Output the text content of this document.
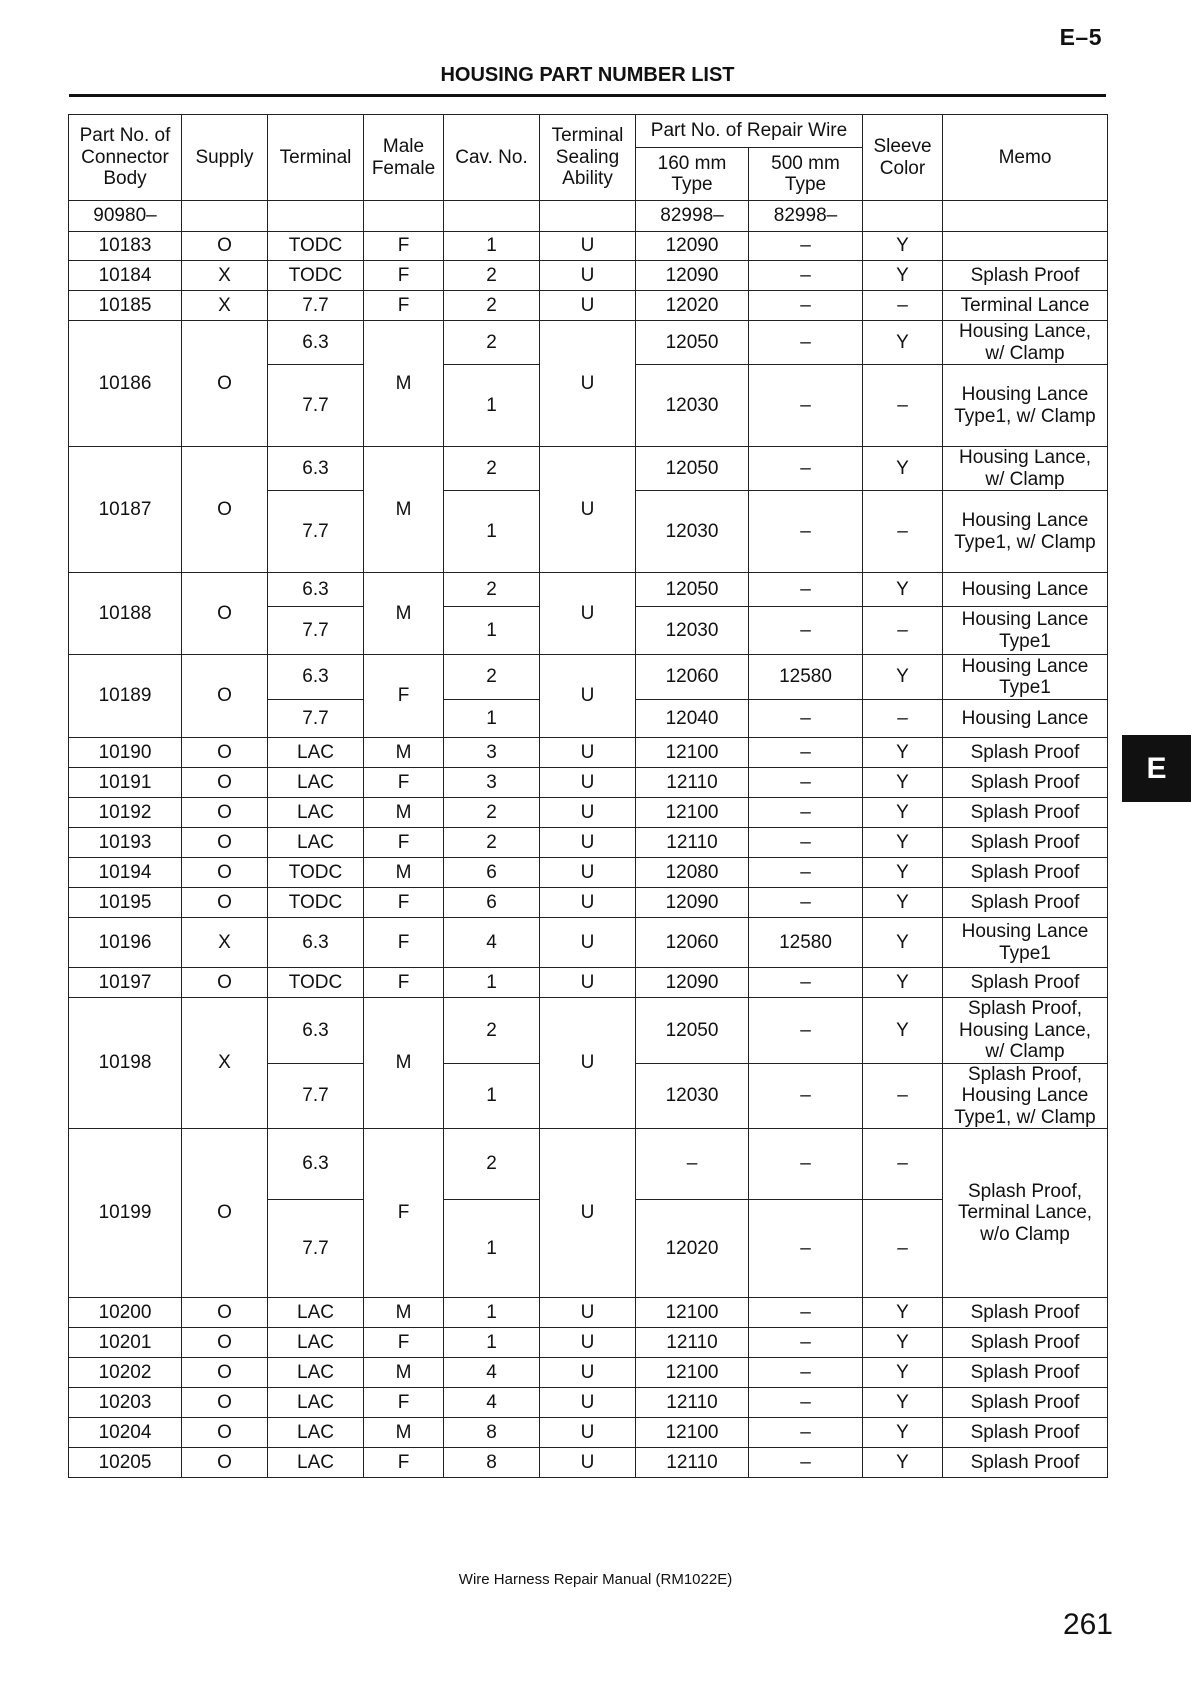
E–5
HOUSING PART NUMBER LIST
Part No. of Connector Body	Supply	Terminal	Male Female	Cav. No.	Terminal Sealing Ability	Part No. of Repair Wire		Sleeve Color	Memo
						160 mm Type	500 mm Type		
90980–						82998–	82998–		
10183	O	TODC	F	1	U	12090	–	Y	
10184	X	TODC	F	2	U	12090	–	Y	Splash Proof
10185	X	7.7	F	2	U	12020	–	–	Terminal Lance
10186	O	6.3	M	2	U	12050	–	Y	Housing Lance, w/ Clamp
		7.7		1		12030	–	–	Housing Lance Type1, w/ Clamp
10187	O	6.3	M	2	U	12050	–	Y	Housing Lance, w/ Clamp
		7.7		1		12030	–	–	Housing Lance Type1, w/ Clamp
10188	O	6.3	M	2	U	12050	–	Y	Housing Lance
		7.7		1		12030	–	–	Housing Lance Type1
10189	O	6.3	F	2	U	12060	12580	Y	Housing Lance Type1
		7.7		1		12040	–	–	Housing Lance
10190	O	LAC	M	3	U	12100	–	Y	Splash Proof
10191	O	LAC	F	3	U	12110	–	Y	Splash Proof
10192	O	LAC	M	2	U	12100	–	Y	Splash Proof
10193	O	LAC	F	2	U	12110	–	Y	Splash Proof
10194	O	TODC	M	6	U	12080	–	Y	Splash Proof
10195	O	TODC	F	6	U	12090	–	Y	Splash Proof
10196	X	6.3	F	4	U	12060	12580	Y	Housing Lance Type1
10197	O	TODC	F	1	U	12090	–	Y	Splash Proof
10198	X	6.3	M	2	U	12050	–	Y	Splash Proof, Housing Lance, w/ Clamp
		7.7		1		12030	–	–	Splash Proof, Housing Lance Type1, w/ Clamp
10199	O	6.3	F	2	U	–	–	–	Splash Proof, Terminal Lance, w/o Clamp
		7.7		1		12020	–	–	
10200	O	LAC	M	1	U	12100	–	Y	Splash Proof
10201	O	LAC	F	1	U	12110	–	Y	Splash Proof
10202	O	LAC	M	4	U	12100	–	Y	Splash Proof
10203	O	LAC	F	4	U	12110	–	Y	Splash Proof
10204	O	LAC	M	8	U	12100	–	Y	Splash Proof
10205	O	LAC	F	8	U	12110	–	Y	Splash Proof
E
Wire Harness Repair Manual (RM1022E)
261
